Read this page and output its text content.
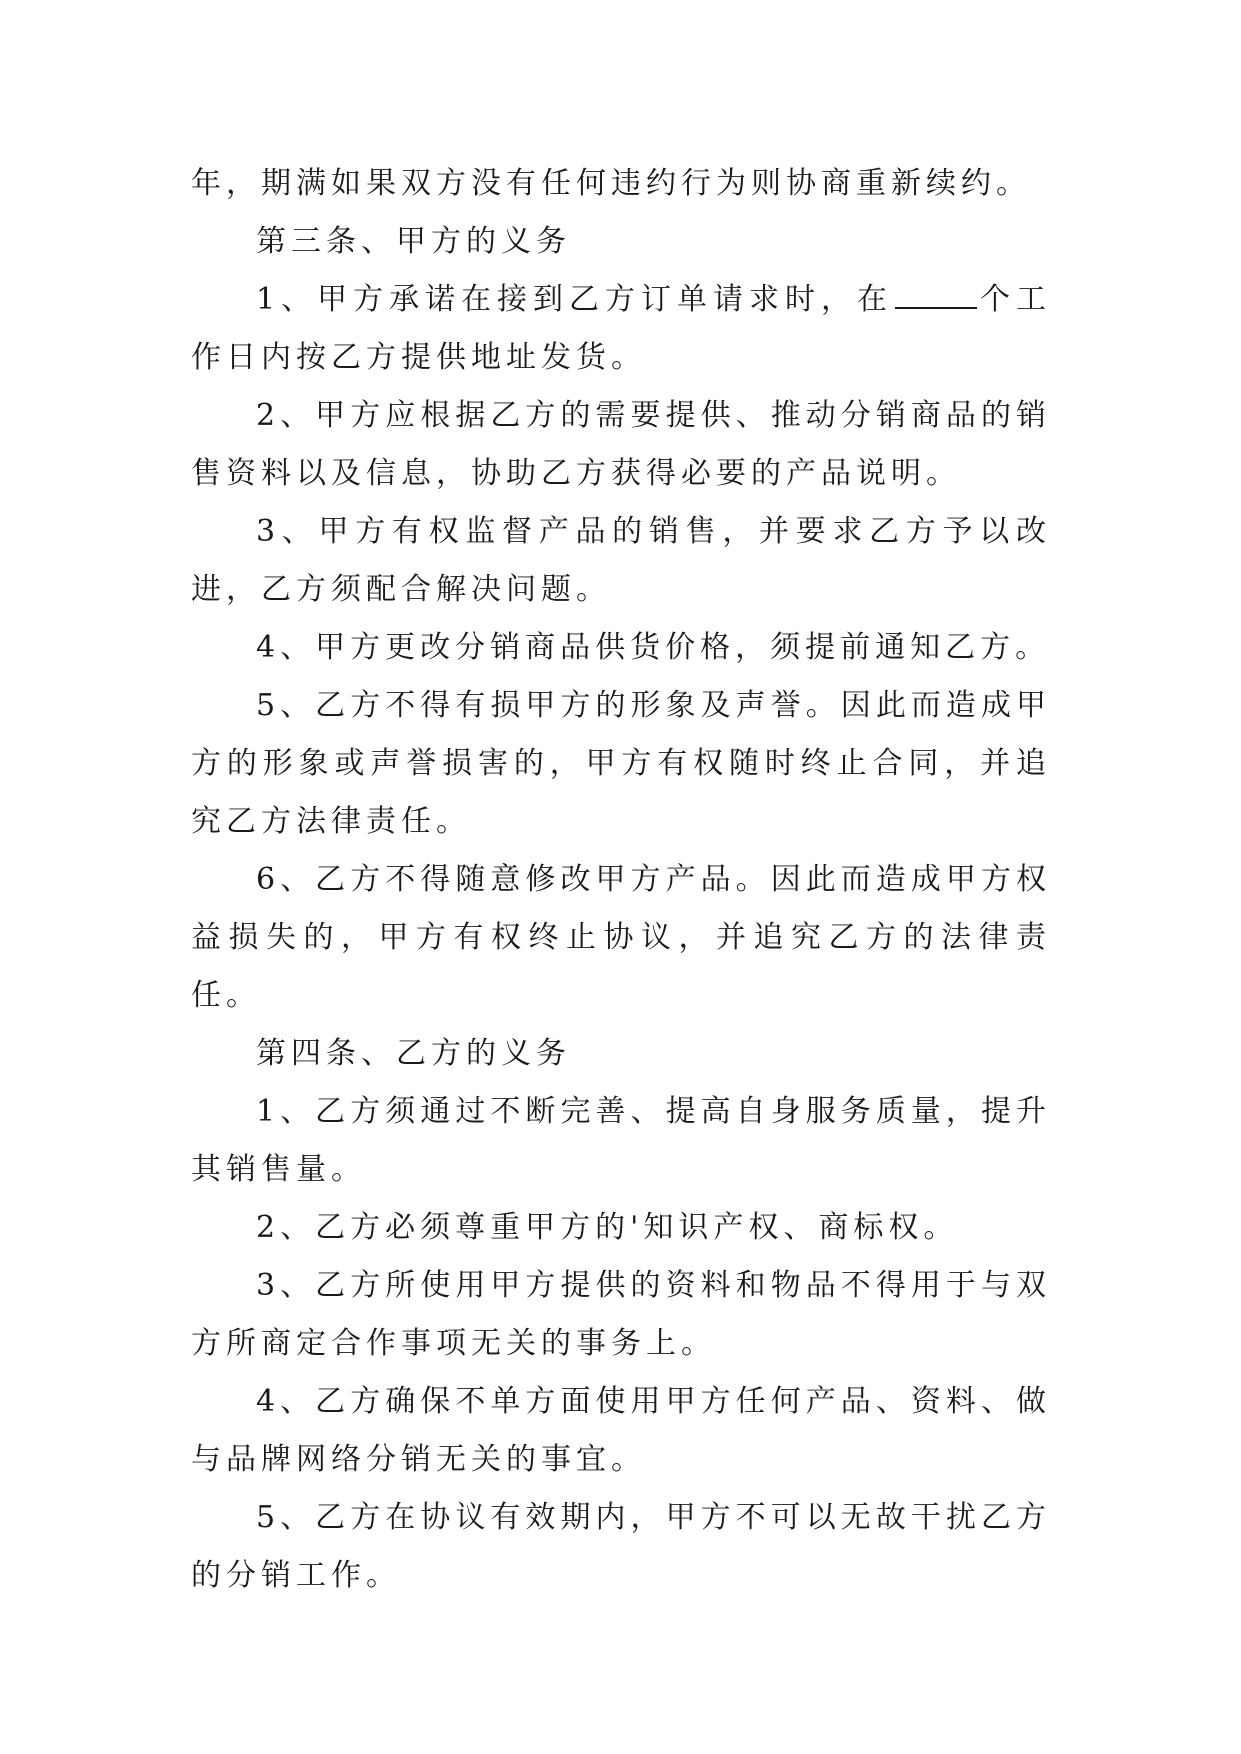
年，期满如果双方没有任何违约行为则协商重新续约。

第三条、甲方的义务

1、甲方承诺在接到乙方订单请求时，在	个工作日内按乙方提供地址发货。

2、甲方应根据乙方的需要提供、推动分销商品的销售资料以及信息，协助乙方获得必要的产品说明。

3、甲方有权监督产品的销售，并要求乙方予以改进，乙方须配合解决问题。

4、甲方更改分销商品供货价格，须提前通知乙方。

5、乙方不得有损甲方的形象及声誉。因此而造成甲方的形象或声誉损害的，甲方有权随时终止合同，并追究乙方法律责任。

6、乙方不得随意修改甲方产品。因此而造成甲方权益损失的，甲方有权终止协议，并追究乙方的法律责任。

第四条、乙方的义务

1、乙方须通过不断完善、提高自身服务质量，提升其销售量。

2、乙方必须尊重甲方的'知识产权、商标权。

3、乙方所使用甲方提供的资料和物品不得用于与双方所商定合作事项无关的事务上。

4、乙方确保不单方面使用甲方任何产品、资料、做与品牌网络分销无关的事宜。

5、乙方在协议有效期内，甲方不可以无故干扰乙方的分销工作。
